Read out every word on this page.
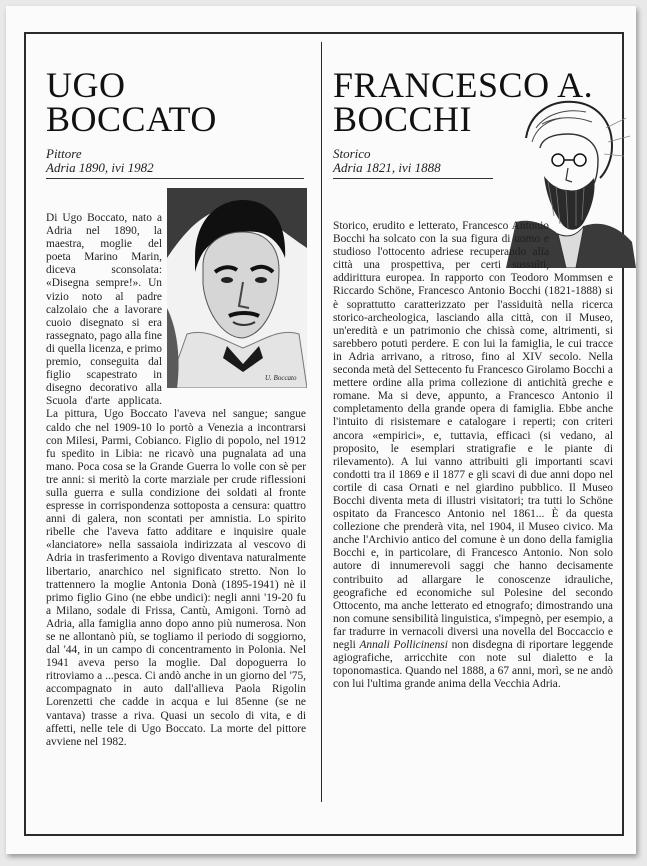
UGO
BOCCATO
Pittore
Adria 1890, ivi 1982

Di Ugo Boccato, nato a Adria nel 1890, la maestra, moglie del poeta Marino Marin, diceva sconsolata: «Disegna sempre!». Un vizio noto al padre calzolaio che a lavorare cuoio disegnato si era rassegnato, pago alla fine di quella licenza, e primo premio, conseguita dal figlio scapestrato in disegno decorativo alla Scuola d'arte applicata. La pittura, Ugo Boccato l'aveva nel sangue; sangue caldo che nel 1909-10 lo portò a Venezia a incontrarsi con Milesi, Parmi, Cobianco. Figlio di popolo, nel 1912 fu spedito in Libia: ne ricavò una pugnalata ad una mano. Poca cosa se la Grande Guerra lo volle con sè per tre anni: si meritò la corte marziale per crude riflessioni sulla guerra e sulla condizione dei soldati al fronte espresse in corrispondenza sottoposta a censura: quattro anni di galera, non scontati per amnistia. Lo spirito ribelle che l'aveva fatto additare e inquisire quale «lanciatore» nella sassaiola indirizzata al vescovo di Adria in trasferimento a Rovigo diventava naturalmente libertario, anarchico nel significato stretto. Non lo trattennero la moglie Antonia Donà (1895-1941) nè il primo figlio Gino (ne ebbe undici): negli anni '19-20 fu a Milano, sodale di Frissa, Cantù, Amigoni. Tornò ad Adria, alla famiglia anno dopo anno più numerosa. Non se ne allontanò più, se togliamo il periodo di soggiorno, dal '44, in un campo di concentramento in Polonia. Nel 1941 aveva perso la moglie. Dal dopoguerra lo ritroviamo a ...pesca. Ci andò anche in un giorno del '75, accompagnato in auto dall'allieva Paola Rigolin Lorenzetti che cadde in acqua e lui 85enne (se ne vantava) trasse a riva. Quasi un secolo di vita, e di affetti, nelle tele di Ugo Boccato. La morte del pittore avviene nel 1982.

U. Boccato
FRANCESCO A.
BOCCHI
Storico
Adria 1821, ivi 1888

Storico, erudito e letterato, Francesco Antonio Bocchi ha solcato con la sua figura di uomo e studioso l'ottocento adriese recuperando alla città una prospettiva, per certi sussulti, addirittura europea. In rapporto con Teodoro Mommsen e Riccardo Schöne, Francesco Antonio Bocchi (1821-1888) si è soprattutto caratterizzato per l'assiduità nella ricerca storico-archeologica, lasciando alla città, con il Museo, un'eredità e un patrimonio che chissà come, altrimenti, si sarebbero potuti perdere. E con lui la famiglia, le cui tracce in Adria arrivano, a ritroso, fino al XIV secolo. Nella seconda metà del Settecento fu Francesco Girolamo Bocchi a mettere ordine alla prima collezione di antichità greche e romane. Ma si deve, appunto, a Francesco Antonio il completamento della grande opera di famiglia. Ebbe anche l'intuito di risistemare e catalogare i reperti; con criteri ancora «empirici», e, tuttavia, efficaci (si vedano, al proposito, le esemplari stratigrafie e le piante di rilevamento). A lui vanno attribuiti gli importanti scavi condotti tra il 1869 e il 1877 e gli scavi di due anni dopo nel cortile di casa Ornati e nel giardino pubblico. Il Museo Bocchi diventa meta di illustri visitatori; tra tutti lo Schöne ospitato da Francesco Antonio nel 1861... È da questa collezione che prenderà vita, nel 1904, il Museo civico. Ma anche l'Archivio antico del comune è un dono della famiglia Bocchi e, in particolare, di Francesco Antonio. Non solo autore di innumerevoli saggi che hanno decisamente contribuito ad allargare le conoscenze idrauliche, geografiche ed economiche sul Polesine del secondo Ottocento, ma anche letterato ed etnografo; dimostrando una non comune sensibilità linguistica, s'impegnò, per esempio, a far tradurre in vernacoli diversi una novella del Boccaccio e negli Annali Pollicinensi non disdegna di riportare leggende agiografiche, arricchite con note sul dialetto e la toponomastica. Quando nel 1888, a 67 anni, morì, se ne andò con lui l'ultima grande anima della Vecchia Adria.
